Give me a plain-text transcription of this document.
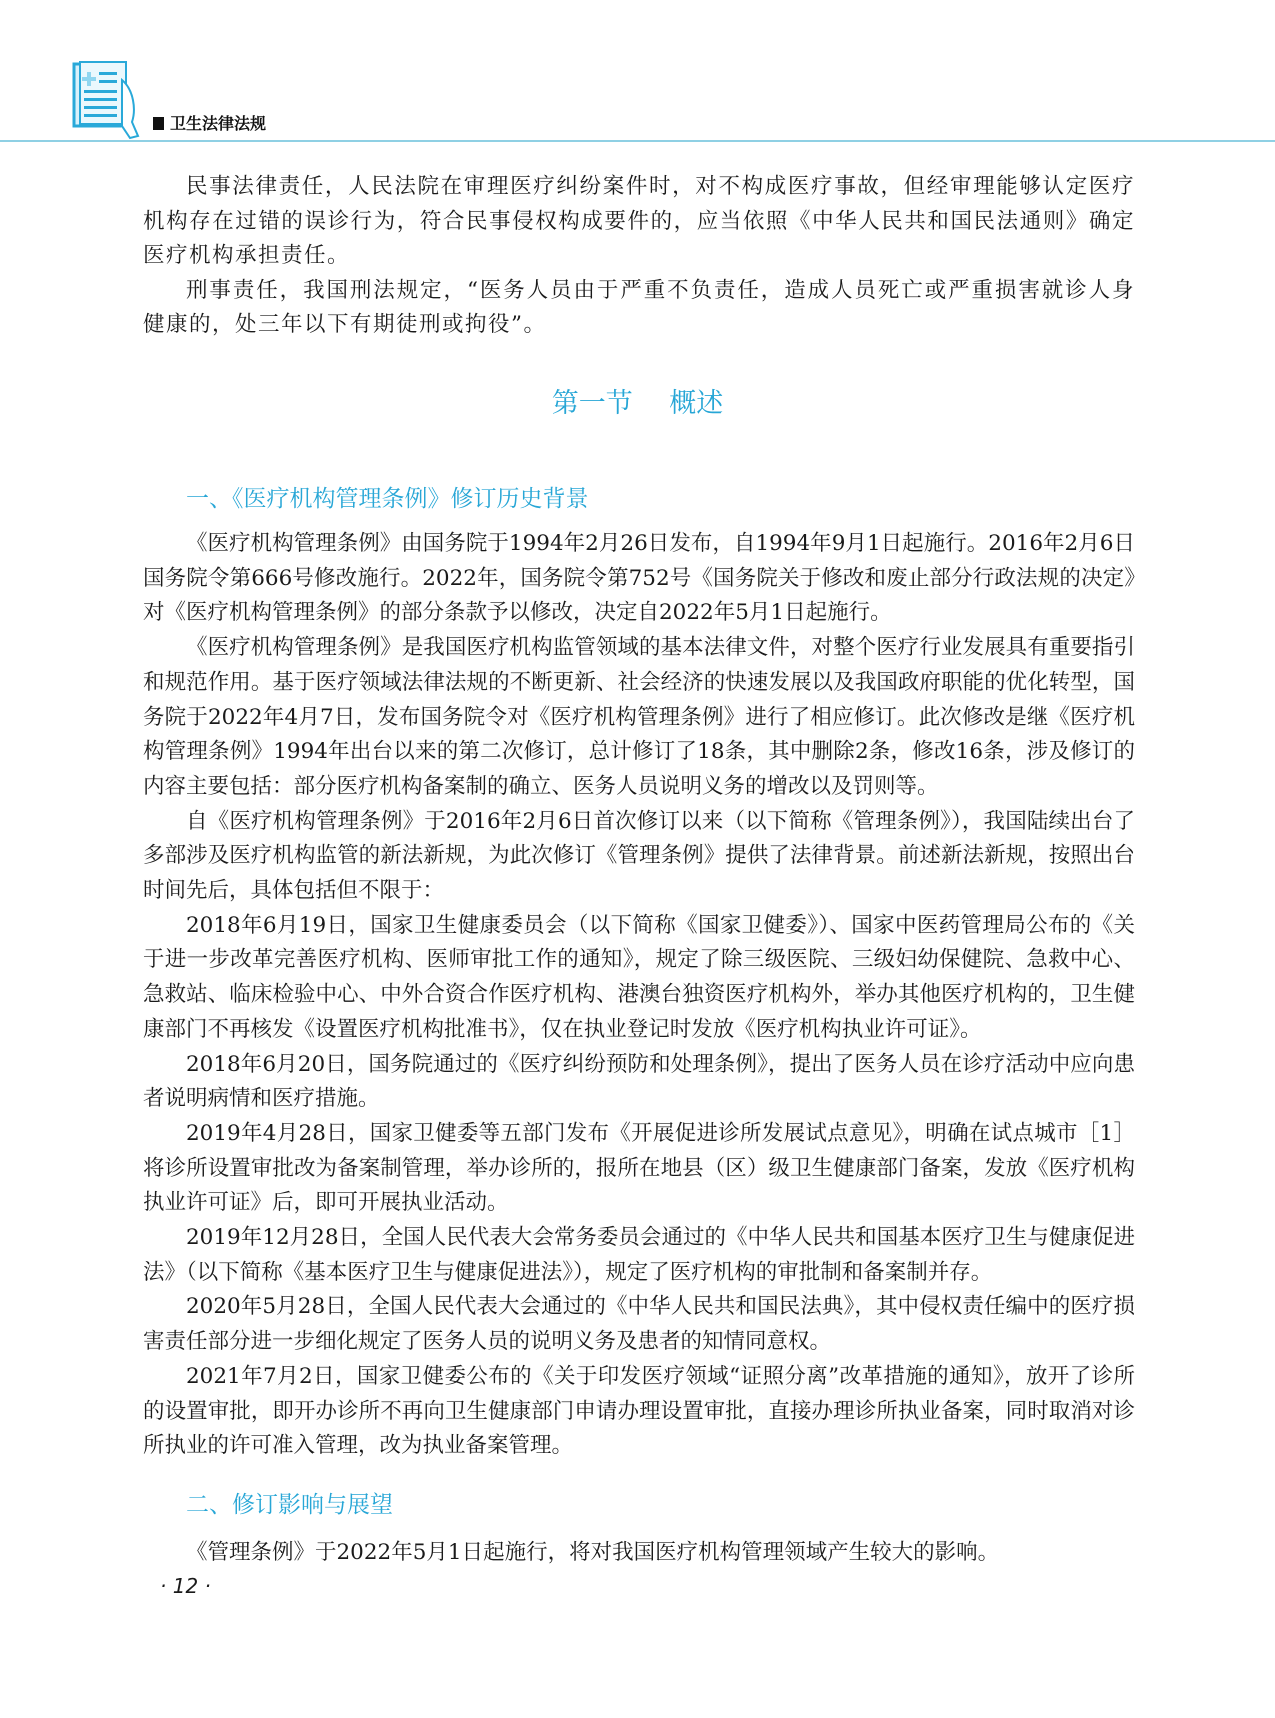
卫生法律法规

民事法律责任，人民法院在审理医疗纠纷案件时，对不构成医疗事故，但经审理能够认定医疗机构存在过错的误诊行为，符合民事侵权构成要件的，应当依照《中华人民共和国民法通则》确定医疗机构承担责任。

刑事责任，我国刑法规定，“医务人员由于严重不负责任，造成人员死亡或严重损害就诊人身健康的，处三年以下有期徒刑或拘役”。

第一节 概述
一、《医疗机构管理条例》修订历史背景

《医疗机构管理条例》由国务院于1994年2月26日发布，自1994年9月1日起施行。2016年2月6日国务院令第666号修改施行。2022年，国务院令第752号《国务院关于修改和废止部分行政法规的决定》对《医疗机构管理条例》的部分条款予以修改，决定自2022年5月1日起施行。

《医疗机构管理条例》是我国医疗机构监管领域的基本法律文件，对整个医疗行业发展具有重要指引和规范作用。基于医疗领域法律法规的不断更新、社会经济的快速发展以及我国政府职能的优化转型，国务院于2022年4月7日，发布国务院令对《医疗机构管理条例》进行了相应修订。此次修改是继《医疗机构管理条例》1994年出台以来的第二次修订，总计修订了18条，其中删除2条，修改16条，涉及修订的内容主要包括：部分医疗机构备案制的确立、医务人员说明义务的增改以及罚则等。

自《医疗机构管理条例》于2016年2月6日首次修订以来（以下简称《管理条例》），我国陆续出台了多部涉及医疗机构监管的新法新规，为此次修订《管理条例》提供了法律背景。前述新法新规，按照出台时间先后，具体包括但不限于：

2018年6月19日，国家卫生健康委员会（以下简称《国家卫健委》）、国家中医药管理局公布的《关于进一步改革完善医疗机构、医师审批工作的通知》，规定了除三级医院、三级妇幼保健院、急救中心、急救站、临床检验中心、中外合资合作医疗机构、港澳台独资医疗机构外，举办其他医疗机构的，卫生健康部门不再核发《设置医疗机构批准书》，仅在执业登记时发放《医疗机构执业许可证》。

2018年6月20日，国务院通过的《医疗纠纷预防和处理条例》，提出了医务人员在诊疗活动中应向患者说明病情和医疗措施。

2019年4月28日，国家卫健委等五部门发布《开展促进诊所发展试点意见》，明确在试点城市［1］将诊所设置审批改为备案制管理，举办诊所的，报所在地县（区）级卫生健康部门备案，发放《医疗机构执业许可证》后，即可开展执业活动。

2019年12月28日，全国人民代表大会常务委员会通过的《中华人民共和国基本医疗卫生与健康促进法》（以下简称《基本医疗卫生与健康促进法》），规定了医疗机构的审批制和备案制并存。

2020年5月28日，全国人民代表大会通过的《中华人民共和国民法典》，其中侵权责任编中的医疗损害责任部分进一步细化规定了医务人员的说明义务及患者的知情同意权。

2021年7月2日，国家卫健委公布的《关于印发医疗领域“证照分离”改革措施的通知》，放开了诊所的设置审批，即开办诊所不再向卫生健康部门申请办理设置审批，直接办理诊所执业备案，同时取消对诊所执业的许可准入管理，改为执业备案管理。

二、修订影响与展望

《管理条例》于2022年5月1日起施行，将对我国医疗机构管理领域产生较大的影响。

· 12 ·
